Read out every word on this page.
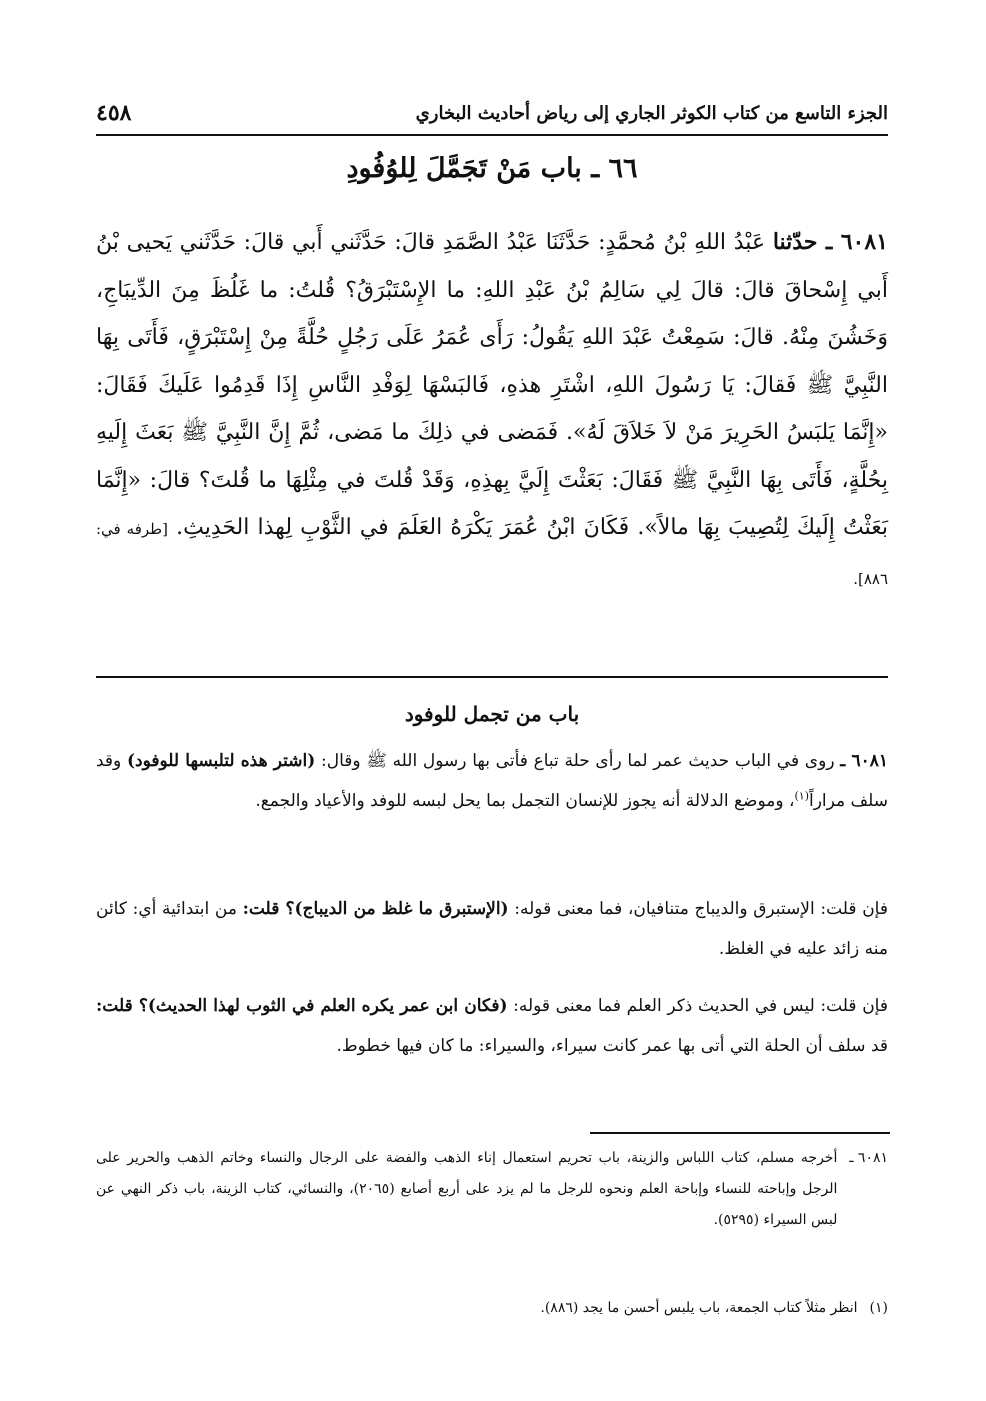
الجزء التاسع من كتاب الكوثر الجاري إلى رياض أحاديث البخاري
٤٥٨
٦٦ ـ باب مَنْ تَجَمَّلَ لِلوُفُودِ
٦٠٨١ ـ حدّثنا عَبْدُ اللهِ بْنُ مُحمَّدٍ: حَدَّثَنَا عَبْدُ الصَّمَدِ قالَ: حَدَّثَني أَبي قالَ: حَدَّثَني يَحيى بْنُ أَبي إِسْحاقَ قالَ: قالَ لِي سَالِمُ بْنُ عَبْدِ اللهِ: ما الإِسْتَبْرَقُ؟ قُلتُ: ما غَلُظَ مِنَ الدِّيبَاجِ، وَخَشُنَ مِنْهُ. قالَ: سَمِعْتُ عَبْدَ اللهِ يَقُولُ: رَأَى عُمَرُ عَلَى رَجُلٍ حُلَّةً مِنْ إِسْتَبْرَقٍ، فَأَتَى بِهَا النَّبِيَّ ﷺ فَقالَ: يَا رَسُولَ اللهِ، اشْتَرِ هذهِ، فَالبَسْهَا لِوَفْدِ النَّاسِ إِذَا قَدِمُوا عَلَيكَ فَقَالَ: «إِنَّمَا يَلبَسُ الحَرِيرَ مَنْ لاَ خَلاَقَ لَهُ». فَمَضى في ذلِكَ ما مَضى، ثُمَّ إِنَّ النَّبِيَّ ﷺ بَعَثَ إِلَيهِ بِحُلَّةٍ، فَأَتَى بِهَا النَّبِيَّ ﷺ فَقَالَ: بَعَثْتَ إِلَيَّ بِهذِهِ، وَقَدْ قُلتَ في مِثْلِهَا ما قُلتَ؟ قالَ: «إِنَّمَا بَعَثْتُ إِلَيكَ لِتُصِيبَ بِهَا مالاً». فَكَانَ ابْنُ عُمَرَ يَكْرَهُ العَلَمَ في الثَّوْبِ لِهذا الحَدِيثِ. [طرفه في: ٨٨٦].
باب من تجمل للوفود

٦٠٨١ ـ روى في الباب حديث عمر لما رأى حلة تباع فأتى بها رسول الله ﷺ وقال: (اشتر هذه لتلبسها للوفود) وقد سلف مراراً$^{(١)}$، وموضع الدلالة أنه يجوز للإنسان التجمل بما يحل لبسه للوفد والأعياد والجمع.

فإن قلت: الإستبرق والديباج متنافيان، فما معنى قوله: (الإستبرق ما غلظ من الديباج)؟ قلت: من ابتدائية أي: كائن منه زائد عليه في الغلظ.

فإن قلت: ليس في الحديث ذكر العلم فما معنى قوله: (فكان ابن عمر يكره العلم في الثوب لهذا الحديث)؟ قلت: قد سلف أن الحلة التي أتى بها عمر كانت سيراء، والسيراء: ما كان فيها خطوط.

٦٠٨١ ـ
أخرجه مسلم، كتاب اللباس والزينة، باب تحريم استعمال إناء الذهب والفضة على الرجال والنساء وخاتم الذهب والحرير على الرجل وإباحته للنساء وإباحة العلم ونحوه للرجل ما لم يزد على أربع أصابع (٢٠٦٥)، والنسائي، كتاب الزينة، باب ذكر النهي عن لبس السيراء (٥٢٩٥).
(١)
انظر مثلاً كتاب الجمعة، باب يلبس أحسن ما يجد (٨٨٦).
